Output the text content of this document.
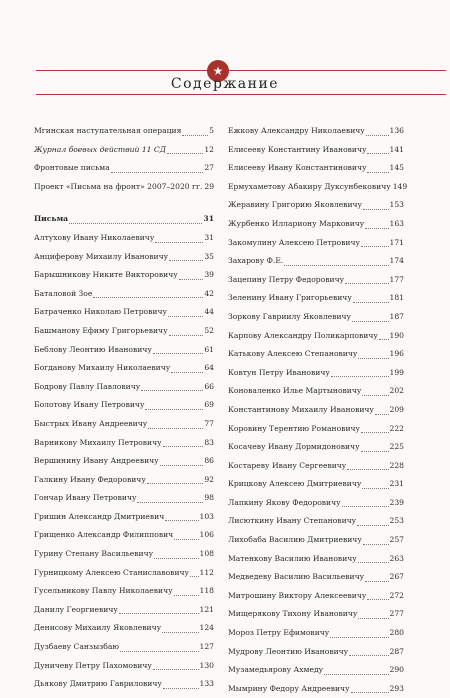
★
Содержание
Мгинская наступательная операция	5
Журнал боевых действий 11 СД	12
Фронтовые письма	27
Проект «Письма на фронт» 2007–2020 гг. 29
Письма	31
Алтухову Ивану Николаевичу	31
Анциферову Михаилу Ивановичу	35
Барышникову Никите Викторовичу	39
Баталовой Зое	42
Батраченко Николаю Петровичу	44
Башманову Ефиму Григорьевичу	52
Беблову Леонтию Ивановичу	61
Богданову Михаилу Николаевичу	64
Бодрову Павлу Павловичу	66
Болотову Ивану Петровичу	69
Быстрых Ивану Андреевичу	77
Варникову Михаилу Петровичу	83
Вершинину Ивану Андреевичу	86
Галкину Ивану Федоровичу	92
Гончар Ивану Петровичу	98
Гришин Александр Дмитриевич	103
Грищенко Александр Филиппович	106
Гурину Степану Васильевичу	108
Гурницкому Алексею Станиславовичу 112
Гусельникову Павлу Николаевичу	118
Данилу Георгиевичу	121
Денисову Михаилу Яковлевичу	124
Дузбаеву Санзызбаю	127
Дуничеву Петру Пахомовичу	130
Дьякову Дмитрию Гавриловичу	133
Ежкову Александру Николаевичу	136
Елисееву Константину Ивановичу	141
Елисееву Ивану Константиновичу	145
Ермухаметову Абакиру Дуксунбековичу 149
Жеравину Григорию Яковлевичу	153
Журбенко Иллариону Марковичу	163
Закомулину Алексею Петровичу	171
Захарову Ф.Е.	174
Зацепину Петру Федоровичу	177
Зеленину Ивану Григорьевичу	181
Зоркову Гавриилу Яковлевичу	187
Карпову Александру Поликарповичу 190
Катькову Алексею Степановичу	196
Ковтун Петру Ивановичу	199
Коноваленко Илье Мартыновичу	202
Константинову Михаилу Ивановичу 209
Коровину Терентию Романовичу	222
Косачеву Ивану Дормидоновичу	225
Костареву Ивану Сергеевичу	228
Крицкову Алексею Дмитриевичу	231
Лапкину Якову Федоровичу	239
Лисюткину Ивану Степановичу	253
Лихобаба Василию Дмитриевичу	257
Матенкову Василию Ивановичу	263
Медведеву Василию Васильевичу	267
Митрошину Виктору Алексеевичу	272
Мищерякову Тихону Ивановичу	277
Мороз Петру Ефимовичу	280
Мудрову Леонтию Ивановичу	287
Музамедьярову Ахмеду	290
Мымрину Федору Андреевичу	293
